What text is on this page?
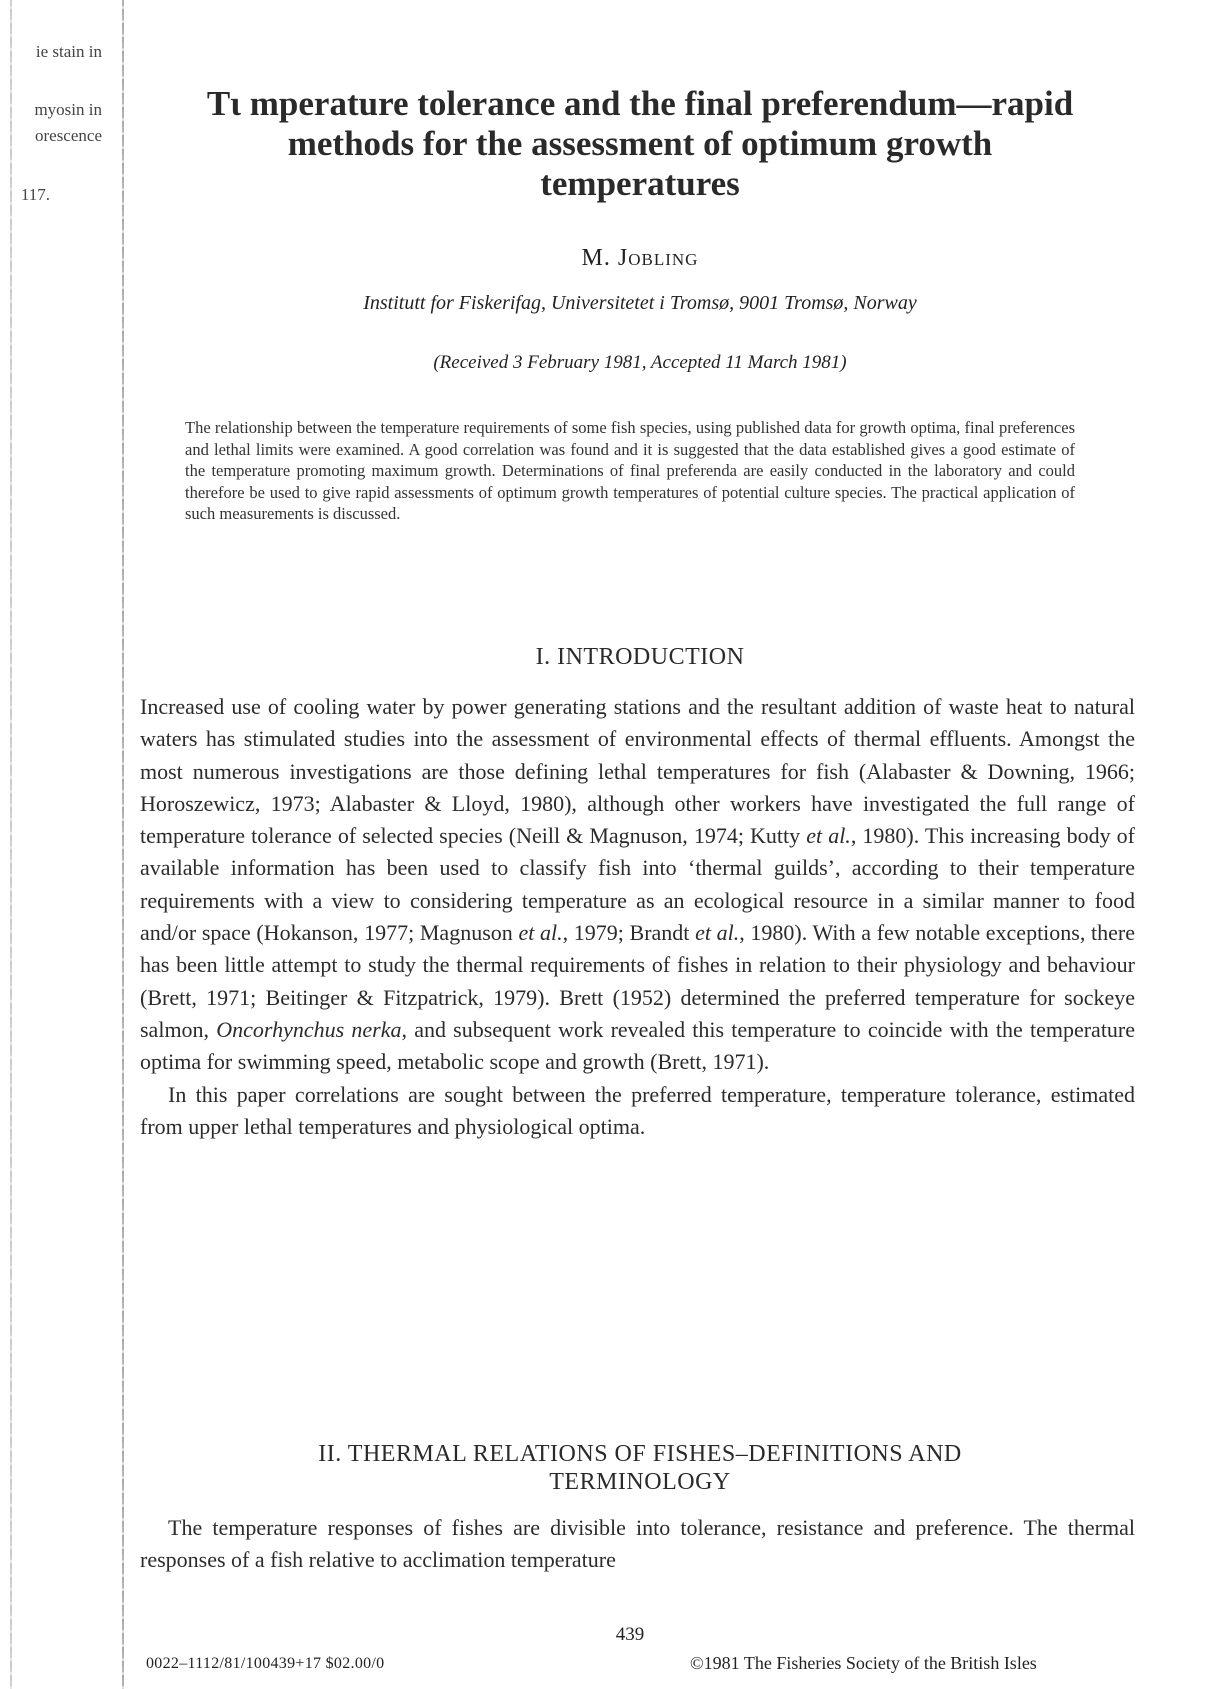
ie stain in
myosin in
orescence
117.
Tɩ mperature tolerance and the final preferendum—rapid
methods for the assessment of optimum growth
temperatures
M. Jobling
Institutt for Fiskerifag, Universitetet i Tromsø, 9001 Tromsø, Norway
(Received 3 February 1981, Accepted 11 March 1981)
The relationship between the temperature requirements of some fish species, using published data for growth optima, final preferences and lethal limits were examined. A good correlation was found and it is suggested that the data established gives a good estimate of the temperature promoting maximum growth. Determinations of final preferenda are easily conducted in the laboratory and could therefore be used to give rapid assessments of optimum growth temperatures of potential culture species. The practical application of such measurements is discussed.
I. INTRODUCTION

Increased use of cooling water by power generating stations and the resultant addition of waste heat to natural waters has stimulated studies into the assessment of environmental effects of thermal effluents. Amongst the most numerous investigations are those defining lethal temperatures for fish (Alabaster & Downing, 1966; Horoszewicz, 1973; Alabaster & Lloyd, 1980), although other workers have investigated the full range of temperature tolerance of selected species (Neill & Magnuson, 1974; Kutty et al., 1980). This increasing body of available information has been used to classify fish into ‘thermal guilds’, according to their temperature requirements with a view to considering temperature as an ecological resource in a similar manner to food and/or space (Hokanson, 1977; Magnuson et al., 1979; Brandt et al., 1980). With a few notable exceptions, there has been little attempt to study the thermal requirements of fishes in relation to their physiology and behaviour (Brett, 1971; Beitinger & Fitzpatrick, 1979). Brett (1952) determined the preferred temperature for sockeye salmon, Oncorhynchus nerka, and subsequent work revealed this temperature to coincide with the temperature optima for swimming speed, metabolic scope and growth (Brett, 1971).

In this paper correlations are sought between the preferred temperature, temperature tolerance, estimated from upper lethal temperatures and physiological optima.

II. THERMAL RELATIONS OF FISHES–DEFINITIONS AND
TERMINOLOGY

The temperature responses of fishes are divisible into tolerance, resistance and preference. The thermal responses of a fish relative to acclimation temperature

439
0022–1112/81/100439+17 $02.00/0	©1981 The Fisheries Society of the British Isles
